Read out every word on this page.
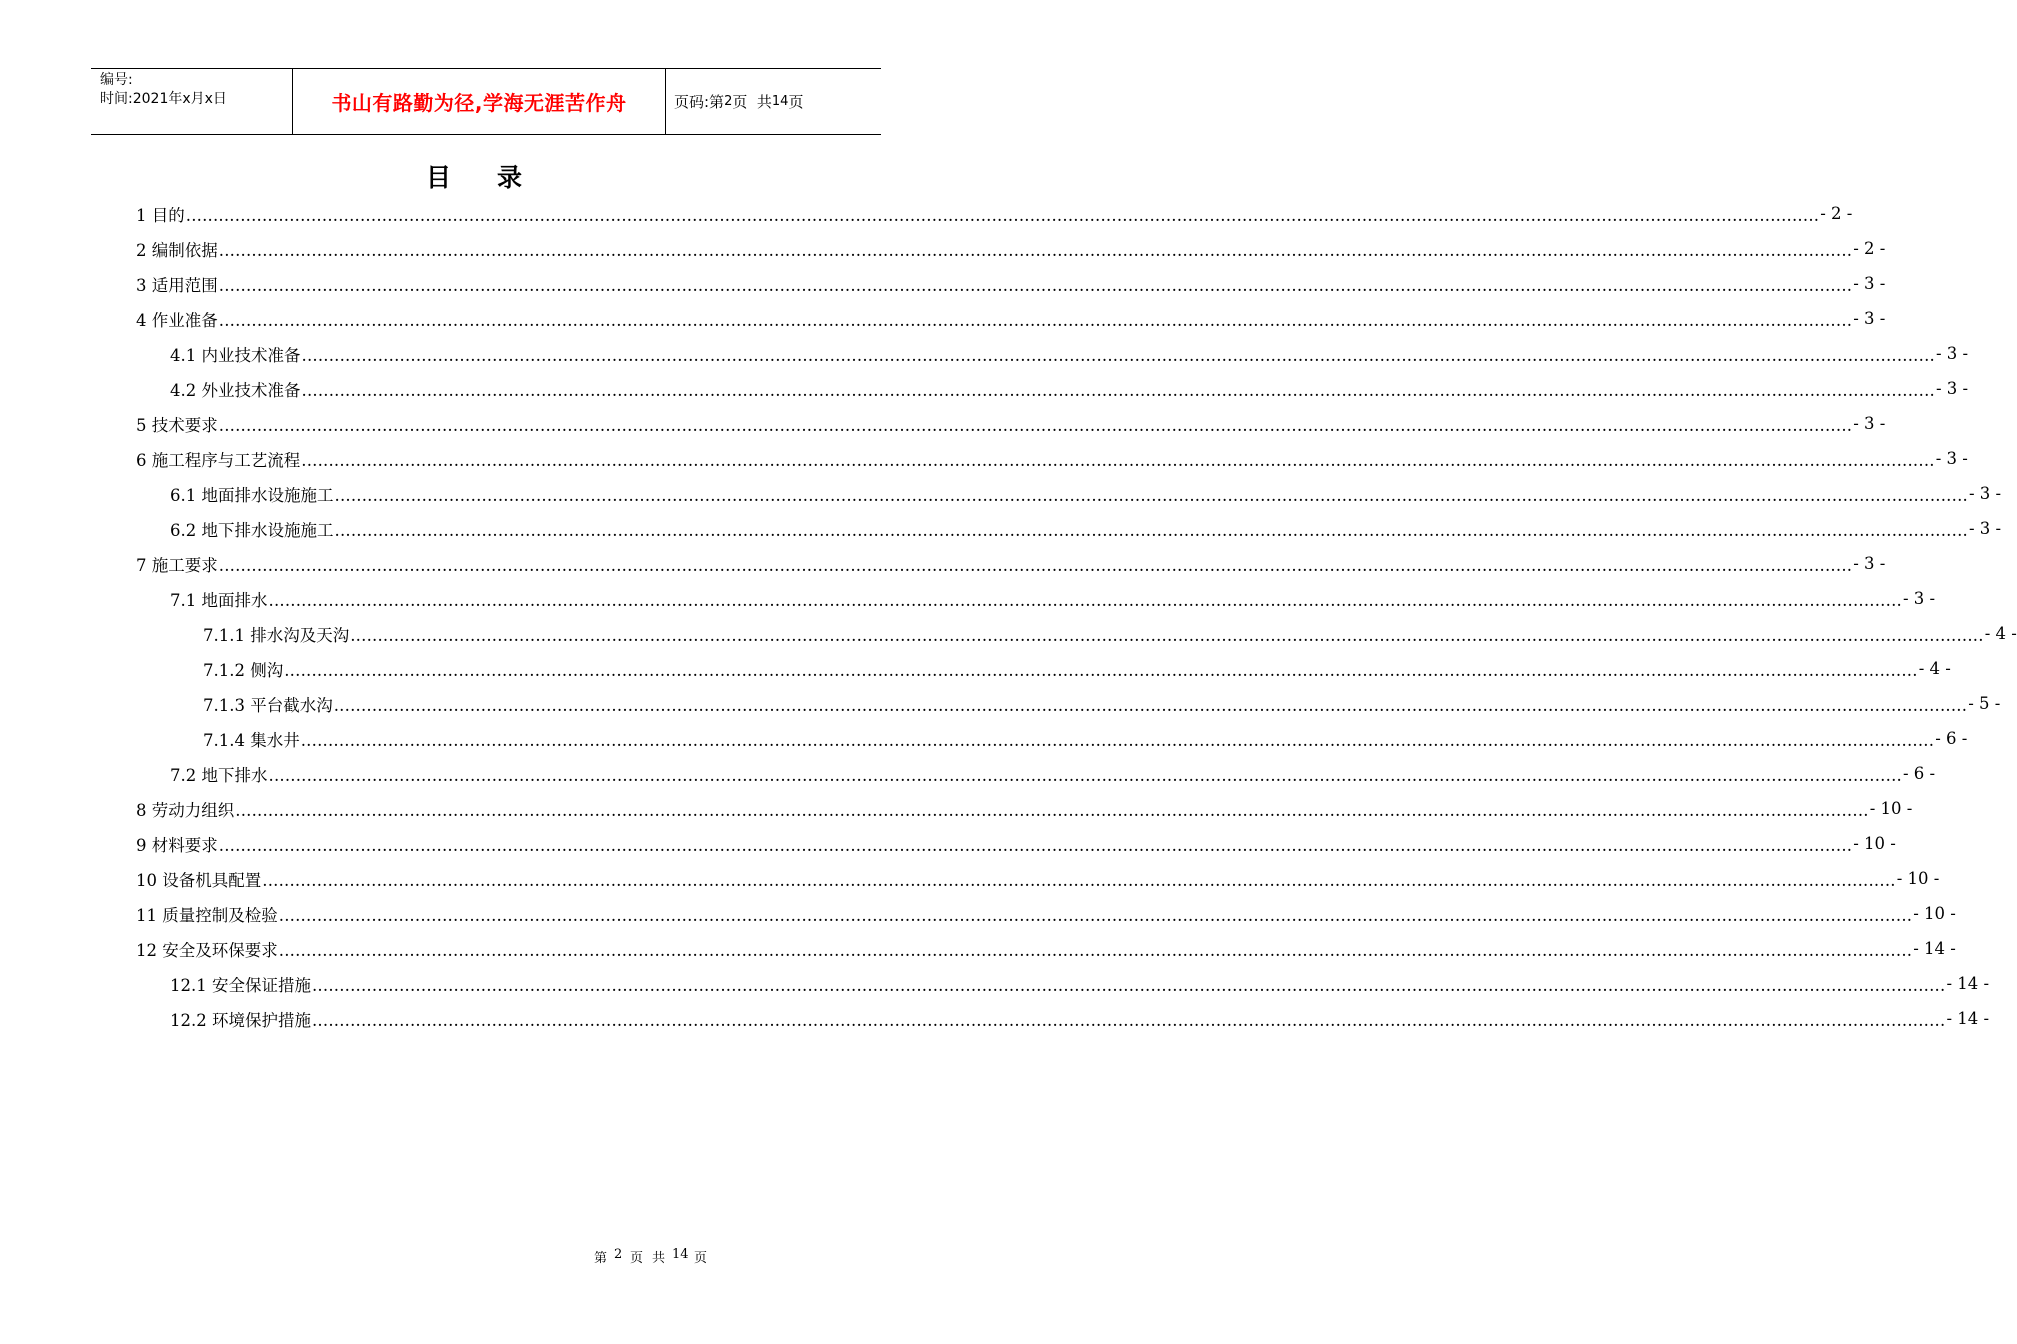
编号:
时间:2021年x月x日	书山有路勤为径,学海无涯苦作舟	页码:第 2 页  共 14 页
目 录
1 目的 ............................................................................................................................................................................................................................................................................................................ - 2 -
2 编制依据 ............................................................................................................................................................................................................................................................................................................ - 2 -
3 适用范围 ............................................................................................................................................................................................................................................................................................................ - 3 -
4 作业准备 ............................................................................................................................................................................................................................................................................................................ - 3 -
4.1 内业技术准备 ............................................................................................................................................................................................................................................................................................................ - 3 -
4.2 外业技术准备 ............................................................................................................................................................................................................................................................................................................ - 3 -
5 技术要求 ............................................................................................................................................................................................................................................................................................................ - 3 -
6 施工程序与工艺流程 ............................................................................................................................................................................................................................................................................................................ - 3 -
6.1 地面排水设施施工 ............................................................................................................................................................................................................................................................................................................ - 3 -
6.2 地下排水设施施工 ............................................................................................................................................................................................................................................................................................................ - 3 -
7 施工要求 ............................................................................................................................................................................................................................................................................................................ - 3 -
7.1 地面排水 ............................................................................................................................................................................................................................................................................................................ - 3 -
7.1.1 排水沟及天沟 ............................................................................................................................................................................................................................................................................................................ - 4 -
7.1.2 侧沟 ............................................................................................................................................................................................................................................................................................................ - 4 -
7.1.3 平台截水沟 ............................................................................................................................................................................................................................................................................................................ - 5 -
7.1.4 集水井 ............................................................................................................................................................................................................................................................................................................ - 6 -
7.2 地下排水 ............................................................................................................................................................................................................................................................................................................ - 6 -
8 劳动力组织 ............................................................................................................................................................................................................................................................................................................ - 10 -
9 材料要求 ............................................................................................................................................................................................................................................................................................................ - 10 -
10 设备机具配置 ............................................................................................................................................................................................................................................................................................................ - 10 -
11 质量控制及检验 ............................................................................................................................................................................................................................................................................................................ - 10 -
12 安全及环保要求 ............................................................................................................................................................................................................................................................................................................ - 14 -
12.1 安全保证措施 ............................................................................................................................................................................................................................................................................................................ - 14 -
12.2 环境保护措施 ............................................................................................................................................................................................................................................................................................................ - 14 -
第 2 页 共 14 页
